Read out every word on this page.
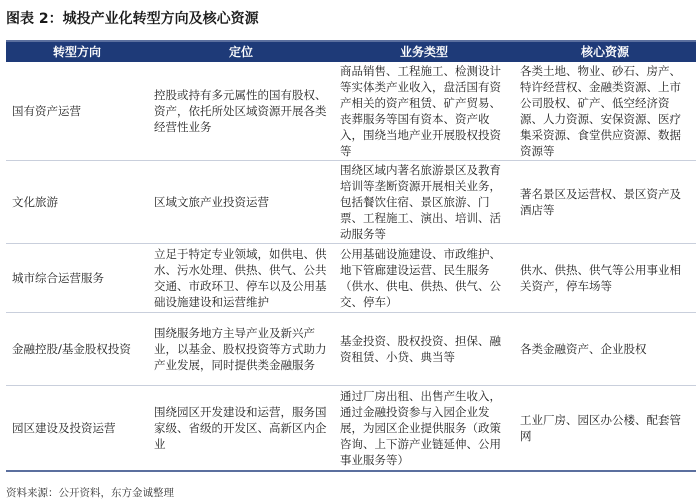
图表 2：城投产业化转型方向及核心资源
转型方向	定位	业务类型	核心资源
国有资产运营	控股或持有多元属性的国有股权、资产，依托所处区域资源开展各类经营性业务	商品销售、工程施工、检测设计等实体类产业收入，盘活国有资产相关的资产租赁、矿产贸易、丧葬服务等国有资本、资产收入，围绕当地产业开展股权投资等	各类土地、物业、砂石、房产、特许经营权、金融类资源、上市公司股权、矿产、低空经济资源、人力资源、安保资源、医疗集采资源、食堂供应资源、数据资源等
文化旅游	区域文旅产业投资运营	围绕区域内著名旅游景区及教育培训等垄断资源开展相关业务，包括餐饮住宿、景区旅游、门票、工程施工、演出、培训、活动服务等	著名景区及运营权、景区资产及酒店等
城市综合运营服务	立足于特定专业领域，如供电、供水、污水处理、供热、供气、公共交通、市政环卫、停车以及公用基础设施建设和运营维护	公用基础设施建设、市政维护、地下管廊建设运营、民生服务（供水、供电、供热、供气、公交、停车）	供水、供热、供气等公用事业相关资产，停车场等
金融控股/基金股权投资	围绕服务地方主导产业及新兴产业，以基金、股权投资等方式助力产业发展，同时提供类金融服务	基金投资、股权投资、担保、融资租赁、小贷、典当等	各类金融资产、企业股权
园区建设及投资运营	围绕园区开发建设和运营，服务国家级、省级的开发区、高新区内企业	通过厂房出租、出售产生收入，通过金融投资参与入园企业发展，为园区企业提供服务（政策咨询、上下游产业链延伸、公用事业服务等）	工业厂房、园区办公楼、配套管网
资料来源：公开资料，东方金诚整理
